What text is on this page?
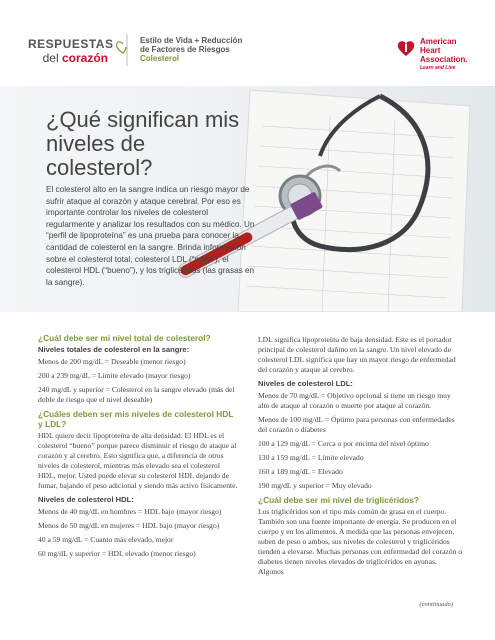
RESPUESTAS
del corazón
Estilo de Vida + Reducción
de Factores de Riesgos
Colesterol
American
Heart
Association.
Learn and Live
¿Qué significan mis niveles de colesterol?

El colesterol alto en la sangre indica un riesgo mayor de sufrir ataque al corazón y ataque cerebral. Por eso es importante controlar los niveles de colesterol regularmente y analizar los resultados con su médico. Un “perfil de lipoproteína” es una prueba para conocer la cantidad de colesterol en la sangre. Brinda información sobre el colesterol total, colesterol LDL (“malo”), el colesterol HDL (“bueno”), y los triglicéridos (las grasas en la sangre).

¿Cuál debe ser mi nivel total de colesterol?
Niveles totales de colesterol en la sangre:
Menos de 200 mg/dL = Deseable (menor riesgo)
200 a 239 mg/dL = Límite elevado (mayor riesgo)
240 mg/dL y superior = Colesterol en la sangre elevado (más del doble de riesgo que el nivel deseable)
¿Cuáles deben ser mis niveles de colesterol HDL y LDL?
HDL quiere decir lipoproteína de alta densidad. El HDL es el colesterol “bueno” porque parece disminuir el riesgo de ataque al corazón y al cerebro. Esto significa que, a diferencia de otros niveles de colesterol, mientras más elevado sea el colesterol HDL, mejor. Usted puede elevar su colesterol HDL dejando de fumar, bajando el peso adicional y siendo más activo físicamente.
Niveles de colesterol HDL:
Menos de 40 mg/dL en hombres = HDL bajo (mayor riesgo)
Menos de 50 mg/dL en mujeres = HDL bajo (mayor riesgo)
40 a 59 mg/dL = Cuanto más elevado, mejor
60 mg/dL y superior = HDL elevado (menor riesgo)
LDL significa lipoproteína de baja densidad. Este es el portador principal de colesterol dañino en la sangre. Un nivel elevado de colesterol LDL significa que hay un mayor riesgo de enfermedad del corazón y ataque al cerebro.
Niveles de colesterol LDL:
Menos de 70 mg/dL = Objetivo opcional si tiene un riesgo muy alto de ataque al corazón o muerte por ataque al corazón.
Menos de 100 mg/dL = Óptimo para personas con enfermedades del corazón o diabetes
100 a 129 mg/dL = Cerca o por encima del nivel óptimo
130 a 159 mg/dL = Límite elevado
160 a 189 mg/dL = Elevado
190 mg/dL y superior = Muy elevado
¿Cuál debe ser mi nivel de triglicéridos?
Los triglicéridos son el tipo más común de grasa en el cuerpo. También son una fuente importante de energía. Se producen en el cuerpo y en los alimentos. A medida que las personas envejecen, suben de peso o ambos, sus niveles de colesterol y triglicéridos tienden a elevarse. Muchas personas con enfermedad del corazón o diabetes tienen niveles elevados de triglicéridos en ayunas. Algunos
(continuado)
